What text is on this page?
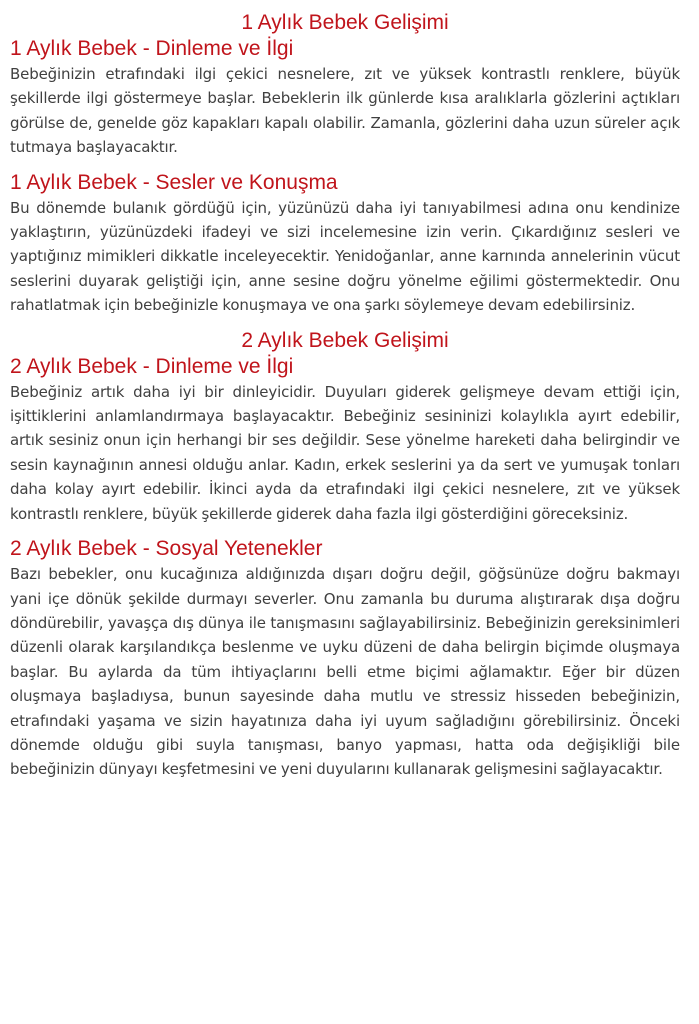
1 Aylık Bebek Gelişimi
1 Aylık Bebek - Dinleme ve İlgi

Bebeğinizin etrafındaki ilgi çekici nesnelere, zıt ve yüksek kontrastlı renklere, büyük şekillerde ilgi göstermeye başlar. Bebeklerin ilk günlerde kısa aralıklarla gözlerini açtıkları görülse de, genelde göz kapakları kapalı olabilir. Zamanla, gözlerini daha uzun süreler açık tutmaya başlayacaktır.

1 Aylık Bebek - Sesler ve Konuşma

Bu dönemde bulanık gördüğü için, yüzünüzü daha iyi tanıyabilmesi adına onu kendinize yaklaştırın, yüzünüzdeki ifadeyi ve sizi incelemesine izin verin. Çıkardığınız sesleri ve yaptığınız mimikleri dikkatle inceleyecektir. Yenidoğanlar, anne karnında annelerinin vücut seslerini duyarak geliştiği için, anne sesine doğru yönelme eğilimi göstermektedir. Onu rahatlatmak için bebeğinizle konuşmaya ve ona şarkı söylemeye devam edebilirsiniz.

2 Aylık Bebek Gelişimi
2 Aylık Bebek - Dinleme ve İlgi

Bebeğiniz artık daha iyi bir dinleyicidir. Duyuları giderek gelişmeye devam ettiği için, işittiklerini anlamlandırmaya başlayacaktır. Bebeğiniz sesininizi kolaylıkla ayırt edebilir, artık sesiniz onun için herhangi bir ses değildir. Sese yönelme hareketi daha belirgindir ve sesin kaynağının annesi olduğu anlar. Kadın, erkek seslerini ya da sert ve yumuşak tonları daha kolay ayırt edebilir. İkinci ayda da etrafındaki ilgi çekici nesnelere, zıt ve yüksek kontrastlı renklere, büyük şekillerde giderek daha fazla ilgi gösterdiğini göreceksiniz.

2 Aylık Bebek - Sosyal Yetenekler

Bazı bebekler, onu kucağınıza aldığınızda dışarı doğru değil, göğsünüze doğru bakmayı yani içe dönük şekilde durmayı severler. Onu zamanla bu duruma alıştırarak dışa doğru döndürebilir, yavaşça dış dünya ile tanışmasını sağlayabilirsiniz. Bebeğinizin gereksinimleri düzenli olarak karşılandıkça beslenme ve uyku düzeni de daha belirgin biçimde oluşmaya başlar. Bu aylarda da tüm ihtiyaçlarını belli etme biçimi ağlamaktır. Eğer bir düzen oluşmaya başladıysa, bunun sayesinde daha mutlu ve stressiz hisseden bebeğinizin, etrafındaki yaşama ve sizin hayatınıza daha iyi uyum sağladığını görebilirsiniz. Önceki dönemde olduğu gibi suyla tanışması, banyo yapması, hatta oda değişikliği bile bebeğinizin dünyayı keşfetmesini ve yeni duyularını kullanarak gelişmesini sağlayacaktır.
